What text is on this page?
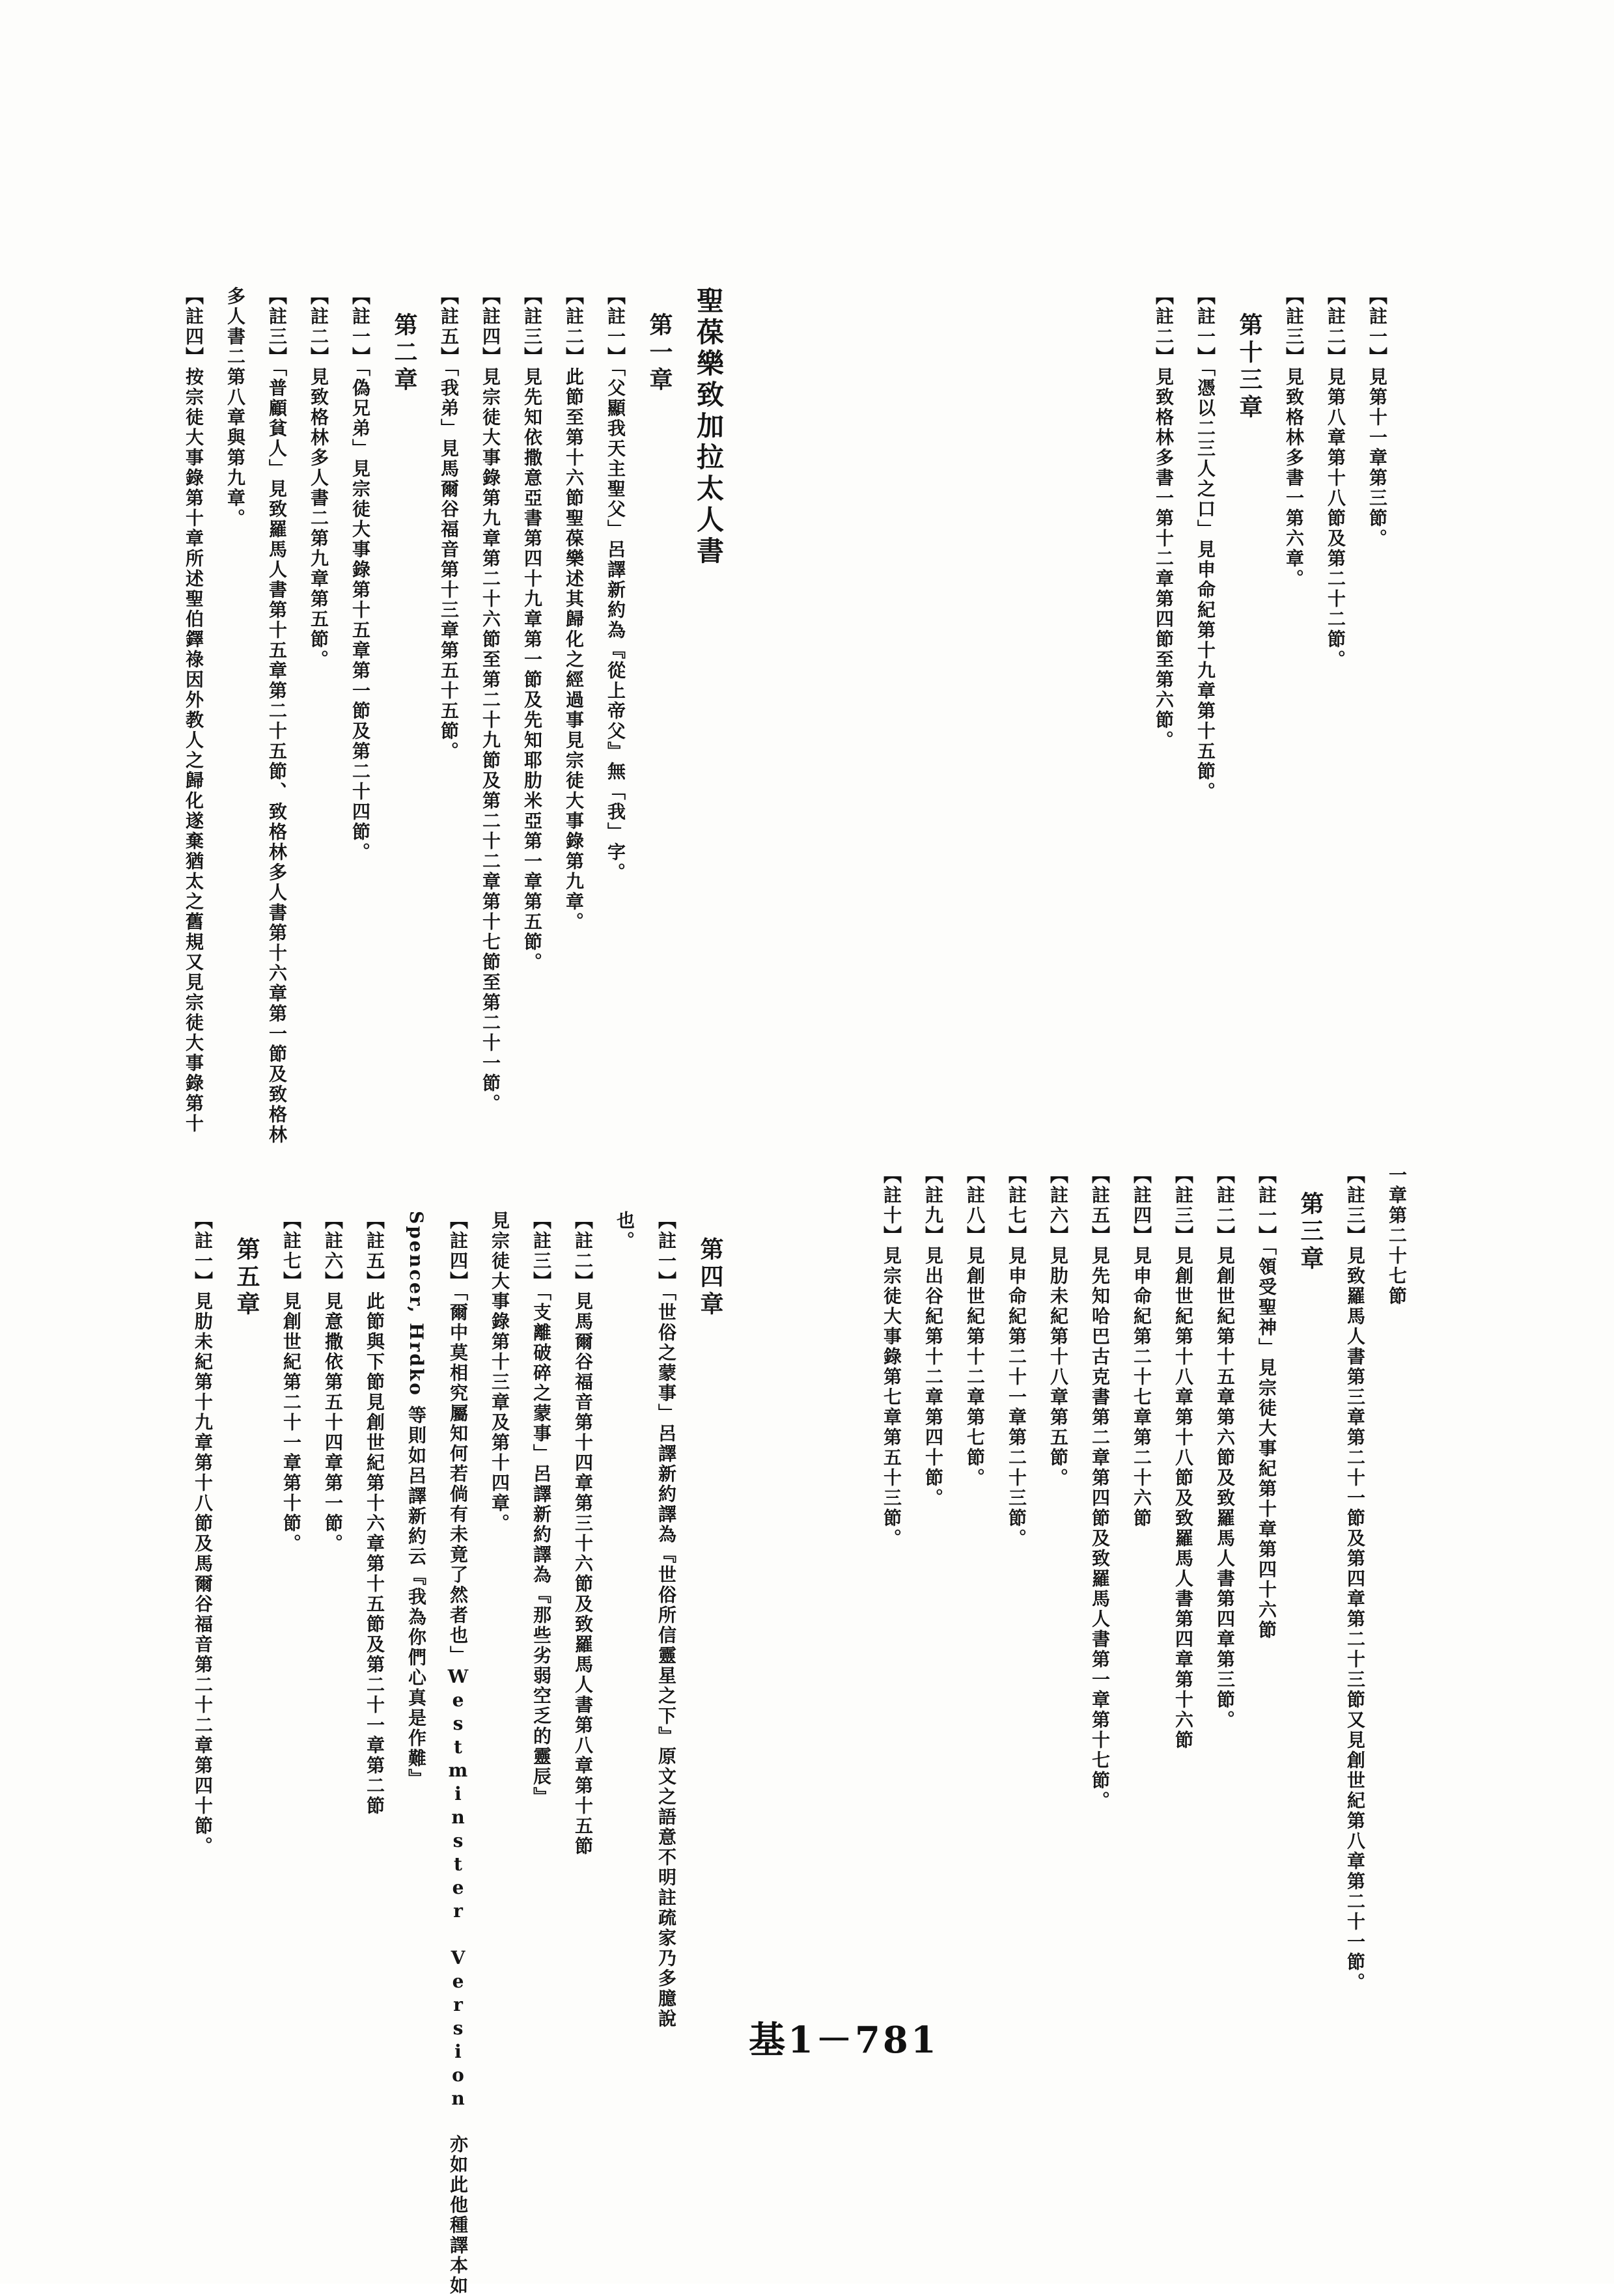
【註一】見第十一章第三節。
【註二】見第八章第十八節及第二十二節。
【註三】見致格林多書一第六章。
第十三章
【註一】「憑以二三人之口」見申命紀第十九章第十五節。
【註二】見致格林多書一第十二章第四節至第六節。
聖葆樂致加拉太人書
第一章
【註一】「父顯我天主聖父」呂譯新約為『從上帝父』無「我」字。
【註二】此節至第十六節聖葆樂述其歸化之經過事見宗徒大事錄第九章。
【註三】見先知依撒意亞書第四十九章第一節及先知耶肋米亞第一章第五節。
【註四】見宗徒大事錄第九章第二十六節至第二十九節及第二十二章第十七節至第二十一節。
【註五】「我弟」見馬爾谷福音第十三章第五十五節。
第二章
【註一】「偽兄弟」見宗徒大事錄第十五章第一節及第二十四節。
【註二】見致格林多人書二第九章第五節。
【註三】「普顧貧人」見致羅馬人書第十五章第二十五節、致格林多人書第十六章第一節及致格林
多人書二第八章與第九章。
【註四】按宗徒大事錄第十章所述聖伯鐸祿因外教人之歸化遂棄猶太之舊規又見宗徒大事錄第十
一章第二十七節
【註三】見致羅馬人書第三章第二十一節及第四章第二十三節又見創世紀第八章第二十一節。
第三章
【註一】「領受聖神」見宗徒大事紀第十章第四十六節
【註二】見創世紀第十五章第六節及致羅馬人書第四章第三節。
【註三】見創世紀第十八章第十八節及致羅馬人書第四章第十六節
【註四】見申命紀第二十七章第二十六節
【註五】見先知哈巴古克書第二章第四節及致羅馬人書第一章第十七節。
【註六】見肋未紀第十八章第五節。
【註七】見申命紀第二十一章第二十三節。
【註八】見創世紀第十二章第七節。
【註九】見出谷紀第十二章第四十節。
【註十】見宗徒大事錄第七章第五十三節。
第四章
【註一】「世俗之蒙事」呂譯新約譯為『世俗所信靈星之下』原文之語意不明註疏家乃多臆說
也。
【註二】見馬爾谷福音第十四章第三十六節及致羅馬人書第八章第十五節
【註三】「支離破碎之蒙事」呂譯新約譯為『那些劣弱空乏的靈辰』
見宗徒大事錄第十三章及第十四章。
【註四】「爾中莫相究屬知何若倘有未竟了然者也」Westminster Version 亦如此他種譯本如
Spencer, Hrdko 等則如呂譯新約云『我為你們心真是作難』
【註五】此節與下節見創世紀第十六章第十五節及第二十一章第二節
【註六】見意撒依第五十四章第一節。
【註七】見創世紀第二十一章第十節。
第五章
【註一】見肋未紀第十九章第十八節及馬爾谷福音第二十二章第四十節。
基1－781
